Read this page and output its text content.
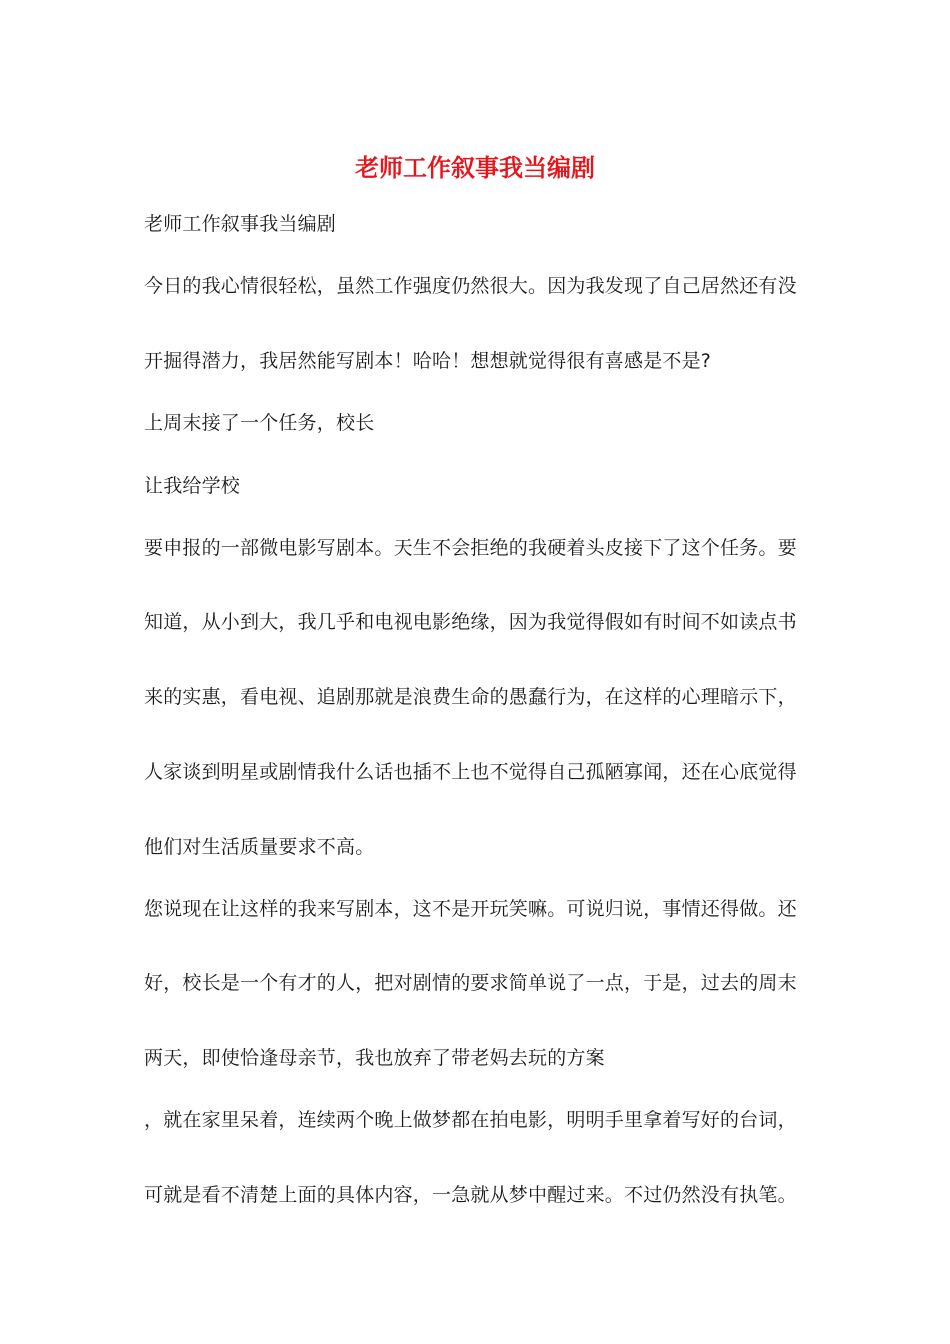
老师工作叙事我当编剧
老师工作叙事我当编剧
今日的我心情很轻松，虽然工作强度仍然很大。因为我发现了自己居然还有没
开掘得潜力，我居然能写剧本！哈哈！想想就觉得很有喜感是不是?
上周末接了一个任务，校长
让我给学校
要申报的一部微电影写剧本。天生不会拒绝的我硬着头皮接下了这个任务。要
知道，从小到大，我几乎和电视电影绝缘，因为我觉得假如有时间不如读点书
来的实惠，看电视、追剧那就是浪费生命的愚蠢行为，在这样的心理暗示下，
人家谈到明星或剧情我什么话也插不上也不觉得自己孤陋寡闻，还在心底觉得
他们对生活质量要求不高。
您说现在让这样的我来写剧本，这不是开玩笑嘛。可说归说，事情还得做。还
好，校长是一个有才的人，把对剧情的要求简单说了一点，于是，过去的周末
两天，即使恰逢母亲节，我也放弃了带老妈去玩的方案
，就在家里呆着，连续两个晚上做梦都在拍电影，明明手里拿着写好的台词，
可就是看不清楚上面的具体内容，一急就从梦中醒过来。不过仍然没有执笔。
